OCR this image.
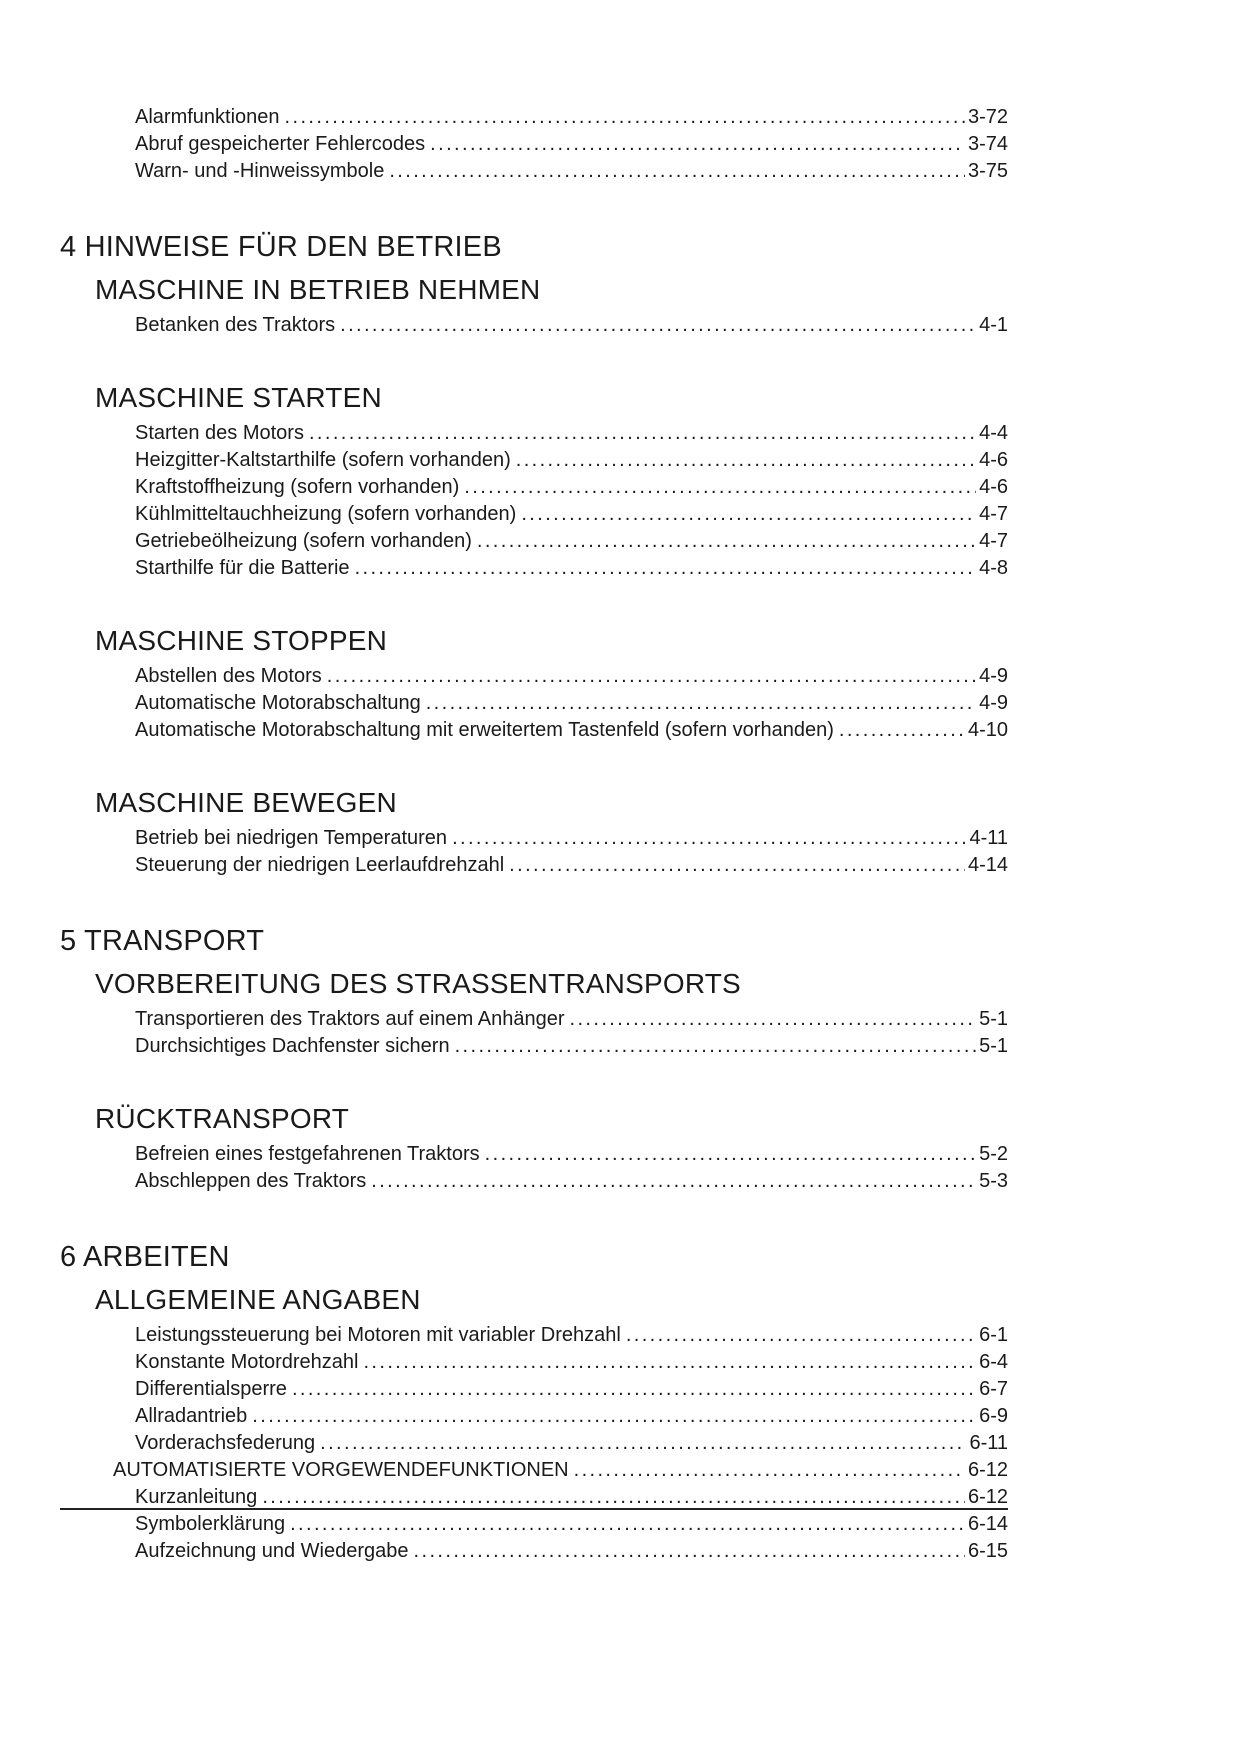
Alarmfunktionen .....	3-72
Abruf gespeicherter Fehlercodes .....	3-74
Warn- und -Hinweissymbole .....	3-75
4 HINWEISE FÜR DEN BETRIEB
MASCHINE IN BETRIEB NEHMEN
Betanken des Traktors .....	4-1
MASCHINE STARTEN
Starten des Motors .....	4-4
Heizgitter-Kaltstarthilfe (sofern vorhanden) .....	4-6
Kraftstoffheizung (sofern vorhanden) .....	4-6
Kühlmitteltauchheizung (sofern vorhanden) .....	4-7
Getriebeölheizung (sofern vorhanden) .....	4-7
Starthilfe für die Batterie .....	4-8
MASCHINE STOPPEN
Abstellen des Motors .....	4-9
Automatische Motorabschaltung .....	4-9
Automatische Motorabschaltung mit erweitertem Tastenfeld (sofern vorhanden) .....	4-10
MASCHINE BEWEGEN
Betrieb bei niedrigen Temperaturen .....	4-11
Steuerung der niedrigen Leerlaufdrehzahl .....	4-14
5 TRANSPORT
VORBEREITUNG DES STRASSENTRANSPORTS
Transportieren des Traktors auf einem Anhänger .....	5-1
Durchsichtiges Dachfenster sichern .....	5-1
RÜCKTRANSPORT
Befreien eines festgefahrenen Traktors .....	5-2
Abschleppen des Traktors .....	5-3
6 ARBEITEN
ALLGEMEINE ANGABEN
Leistungssteuerung bei Motoren mit variabler Drehzahl .....	6-1
Konstante Motordrehzahl .....	6-4
Differentialsperre .....	6-7
Allradantrieb .....	6-9
Vorderachsfederung .....	6-11
AUTOMATISIERTE VORGEWENDEFUNKTIONEN .....	6-12
Kurzanleitung .....	6-12
Symbolerklärung .....	6-14
Aufzeichnung und Wiedergabe .....	6-15
